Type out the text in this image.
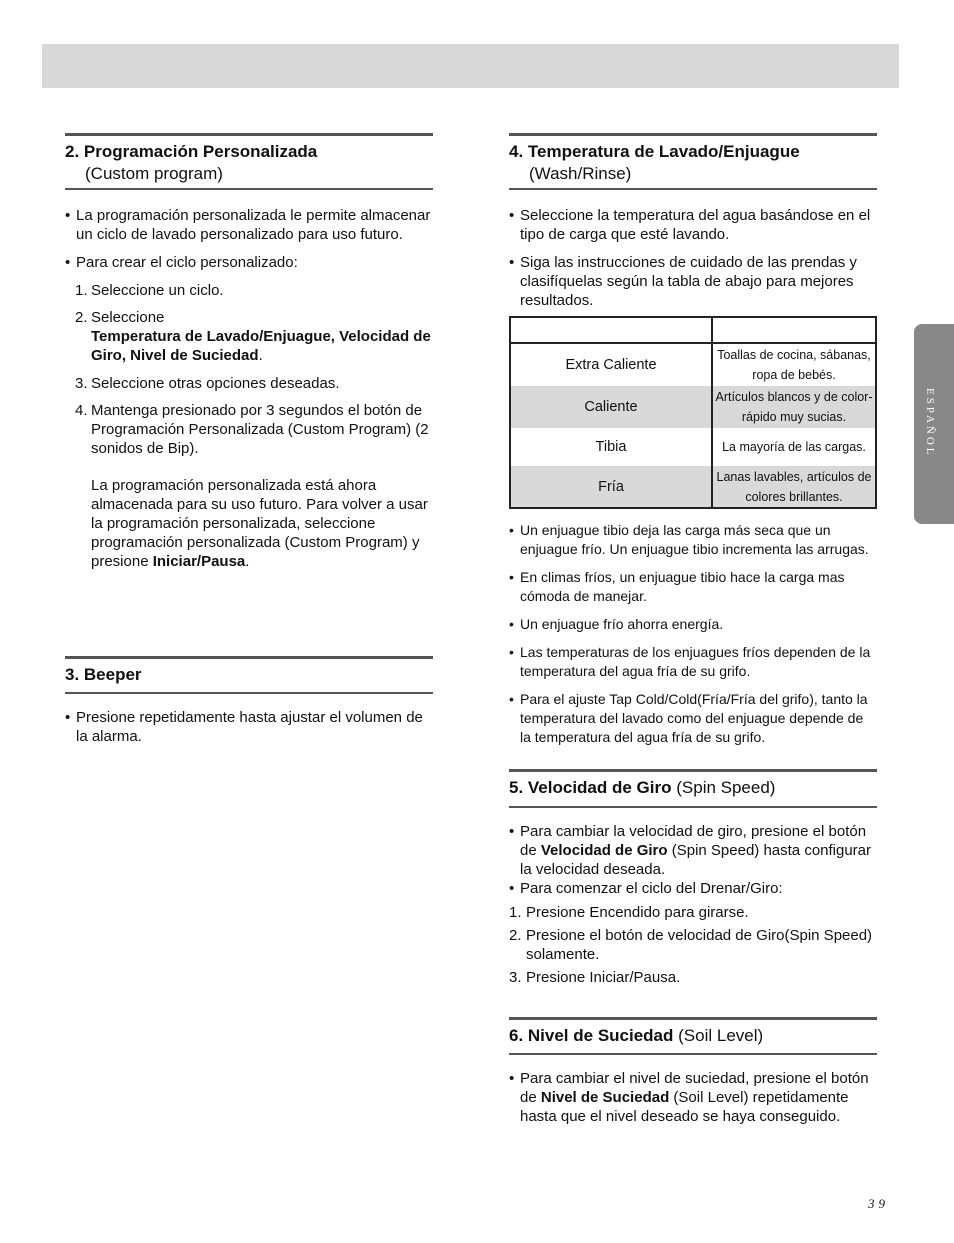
2. Programación Personalizada
(Custom program)
• La programación personalizada le permite almacenar un ciclo de lavado personalizado para uso futuro.
• Para crear el ciclo personalizado:
1. Seleccione un ciclo.
2. Seleccione
Temperatura de Lavado/Enjuague, Velocidad de Giro, Nivel de Suciedad.
3. Seleccione otras opciones deseadas.
4. Mantenga presionado por 3 segundos el botón de Programación Personalizada (Custom Program) (2 sonidos de Bip).
La programación personalizada está ahora almacenada para su uso futuro. Para volver a usar la programación personalizada, seleccione programación personalizada (Custom Program) y presione Iniciar/Pausa.
3. Beeper
• Presione repetidamente hasta ajustar el volumen de la alarma.
4. Temperatura de Lavado/Enjuague
(Wash/Rinse)
• Seleccione la temperatura del agua basándose en el tipo de carga que esté lavando.
• Siga las instrucciones de cuidado de las prendas y clasifíquelas según la tabla de abajo para mejores resultados.

Extra Caliente	Toallas de cocina, sábanas, ropa de bebés.
Caliente	Artículos blancos y de color-rápido muy sucias.
Tibia	La mayoría de las cargas.
Fría	Lanas lavables, artículos de colores brillantes.
• Un enjuague tibio deja las carga más seca que un enjuague frío. Un enjuague tibio incrementa las arrugas.
• En climas fríos, un enjuague tibio hace la carga mas cómoda de manejar.
• Un enjuague frío ahorra energía.
• Las temperaturas de los enjuagues fríos dependen de la temperatura del agua fría de su grifo.
• Para el ajuste Tap Cold/Cold(Fría/Fría del grifo), tanto la temperatura del lavado como del enjuague depende de la temperatura del agua fría de su grifo.
5. Velocidad de Giro (Spin Speed)
• Para cambiar la velocidad de giro, presione el botón de Velocidad de Giro (Spin Speed) hasta configurar la velocidad deseada.
• Para comenzar el ciclo del Drenar/Giro:
1. Presione Encendido para girarse.
2. Presione el botón de velocidad de Giro(Spin Speed) solamente.
3. Presione Iniciar/Pausa.
6. Nivel de Suciedad (Soil Level)
• Para cambiar el nivel de suciedad, presione el botón de Nivel de Suciedad (Soil Level) repetidamente hasta que el nivel deseado se haya conseguido.
ESPAÑOL
39
